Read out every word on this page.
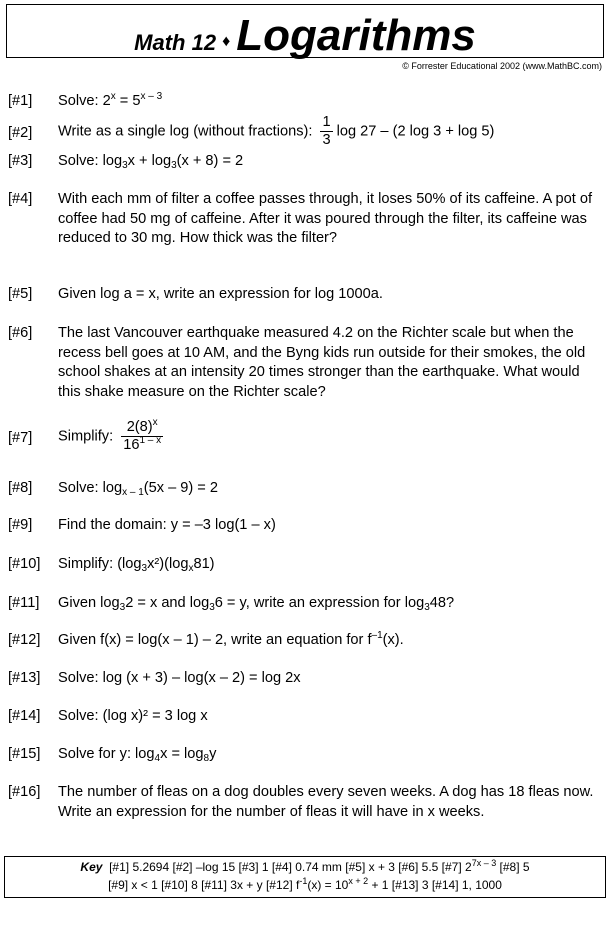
Math 12 ♦ Logarithms
© Forrester Educational 2002 (www.MathBC.com)
[#1]	Solve: $2^x = 5^{x - 3}$
[#2]	Write as a single log (without fractions): $\frac{1}{3}$ log 27 – (2 log 3 + log 5)
[#3]	Solve: $\log_3x + \log_3(x + 8) = 2$
[#4]	With each mm of filter a coffee passes through, it loses 50% of its caffeine. A pot of coffee had 50 mg of caffeine. After it was poured through the filter, its caffeine was reduced to 30 mg. How thick was the filter?
[#5]	Given log a = x, write an expression for log 1000a.
[#6]	The last Vancouver earthquake measured 4.2 on the Richter scale but when the recess bell goes at 10 AM, and the Byng kids run outside for their smokes, the old school shakes at an intensity 20 times stronger than the earthquake. What would this shake measure on the Richter scale?
[#7]	Simplify: $\frac{2(8)^x}{16^{1 - x}}$
[#8]	Solve: $\log_{x - 1}(5x - 9) = 2$
[#9]	Find the domain: y = –3 log(1 – x)
[#10]	Simplify: $(\log_3x^2)(\log_x81)$
[#11]	Given $\log_32 = x$ and $\log_36 = y$, write an expression for $\log_348$?
[#12]	Given f(x) = log(x – 1) – 2, write an equation for $f^{-1}(x)$.
[#13]	Solve: log (x + 3) – log(x – 2) = log 2x
[#14]	Solve: (log x)² = 3 log x
[#15]	Solve for y: $\log_4x = \log_8y$
[#16]	The number of fleas on a dog doubles every seven weeks. A dog has 18 fleas now. Write an expression for the number of fleas it will have in x weeks.
Key [#1] 5.2694 [#2] –log 15 [#3] 1 [#4] 0.74 mm [#5] x + 3 [#6] 5.5 [#7] $2^{7x - 3}$ [#8] 5
[#9] x < 1 [#10] 8 [#11] 3x + y [#12] $f^{-1}(x) = 10^{x + 2} + 1$ [#13] 3 [#14] 1, 1000
